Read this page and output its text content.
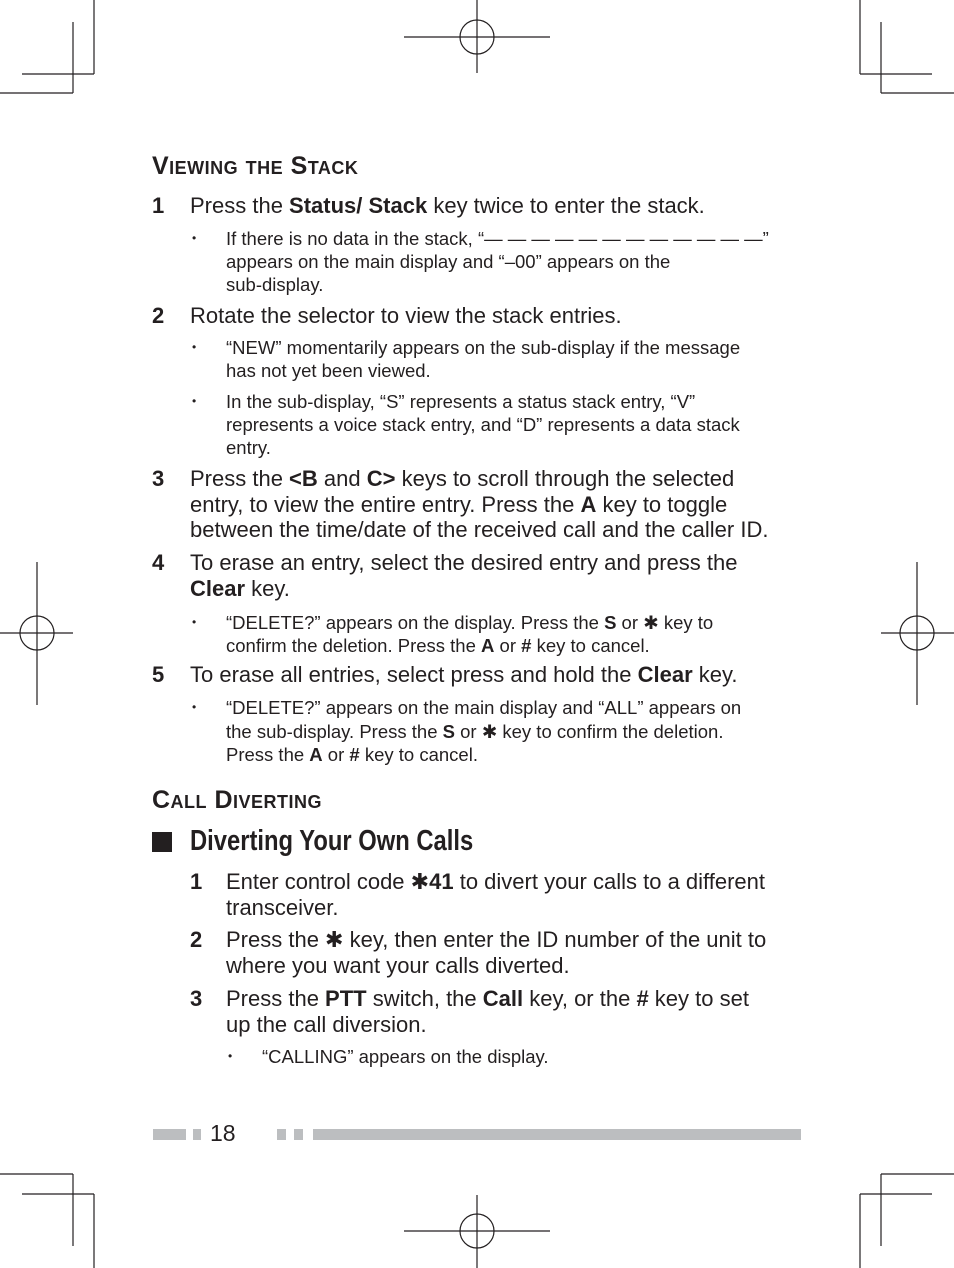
Viewing the Stack
1 Press the Status/ Stack key twice to enter the stack.
• If there is no data in the stack, “— — — — — — — — — — — —”
appears on the main display and “–00” appears on the
sub-display.
2 Rotate the selector to view the stack entries.
• “NEW” momentarily appears on the sub-display if the message
has not yet been viewed.
• In the sub-display, “S” represents a status stack entry, “V”
represents a voice stack entry, and “D” represents a data stack
entry.
3 Press the <B and C> keys to scroll through the selected
entry, to view the entire entry. Press the A key to toggle
between the time/date of the received call and the caller ID.
4 To erase an entry, select the desired entry and press the
Clear key.
• “DELETE?” appears on the display. Press the S or ✱ key to
confirm the deletion. Press the A or # key to cancel.
5 To erase all entries, select press and hold the Clear key.
• “DELETE?” appears on the main display and “ALL” appears on
the sub-display. Press the S or ✱ key to confirm the deletion.
Press the A or # key to cancel.
Call Diverting
Diverting Your Own Calls
1 Enter control code ✱41 to divert your calls to a different
transceiver.
2 Press the ✱ key, then enter the ID number of the unit to
where you want your calls diverted.
3 Press the PTT switch, the Call key, or the # key to set
up the call diversion.
• “CALLING” appears on the display.
18
